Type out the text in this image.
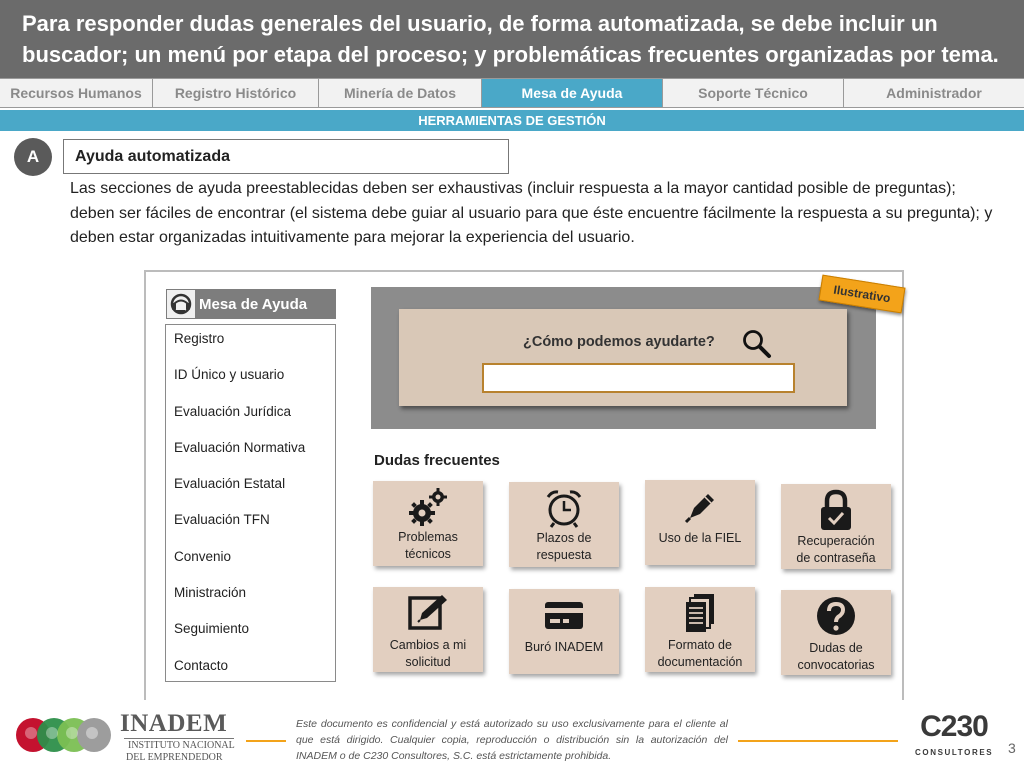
Para responder dudas generales del usuario, de forma automatizada, se debe incluir un buscador; un menú por etapa del proceso; y problemáticas frecuentes organizadas por tema.
Recursos Humanos	Registro Histórico	Minería de Datos	Mesa de Ayuda	Soporte Técnico	Administrador
HERRAMIENTAS DE GESTIÓN
A	Ayuda automatizada
Las secciones de ayuda preestablecidas deben ser exhaustivas (incluir respuesta a la mayor cantidad posible de preguntas); deben ser fáciles de encontrar (el sistema debe guiar al usuario para que éste encuentre fácilmente la respuesta a su pregunta); y deben estar organizadas intuitivamente para mejorar la experiencia del usuario.
Mesa de Ayuda
Registro
ID Único y usuario
Evaluación Jurídica
Evaluación Normativa
Evaluación Estatal
Evaluación TFN
Convenio
Ministración
Seguimiento
Contacto
¿Cómo podemos ayudarte?
Ilustrativo
Dudas frecuentes
Problemas
técnicos
Plazos de
respuesta
Uso de la FIEL	Recuperación
de contraseña
Cambios a mi
solicitud
Buró INADEM	Formato de
documentación
Dudas de
convocatorias
INADEM
INSTITUTO NACIONAL
DEL EMPRENDEDOR
Este documento es confidencial y está autorizado su uso exclusivamente para el cliente al que está dirigido. Cualquier copia, reproducción o distribución sin la autorización del INADEM o de C230 Consultores, S.C. está estrictamente prohibida.
C230
CONSULTORES 3
